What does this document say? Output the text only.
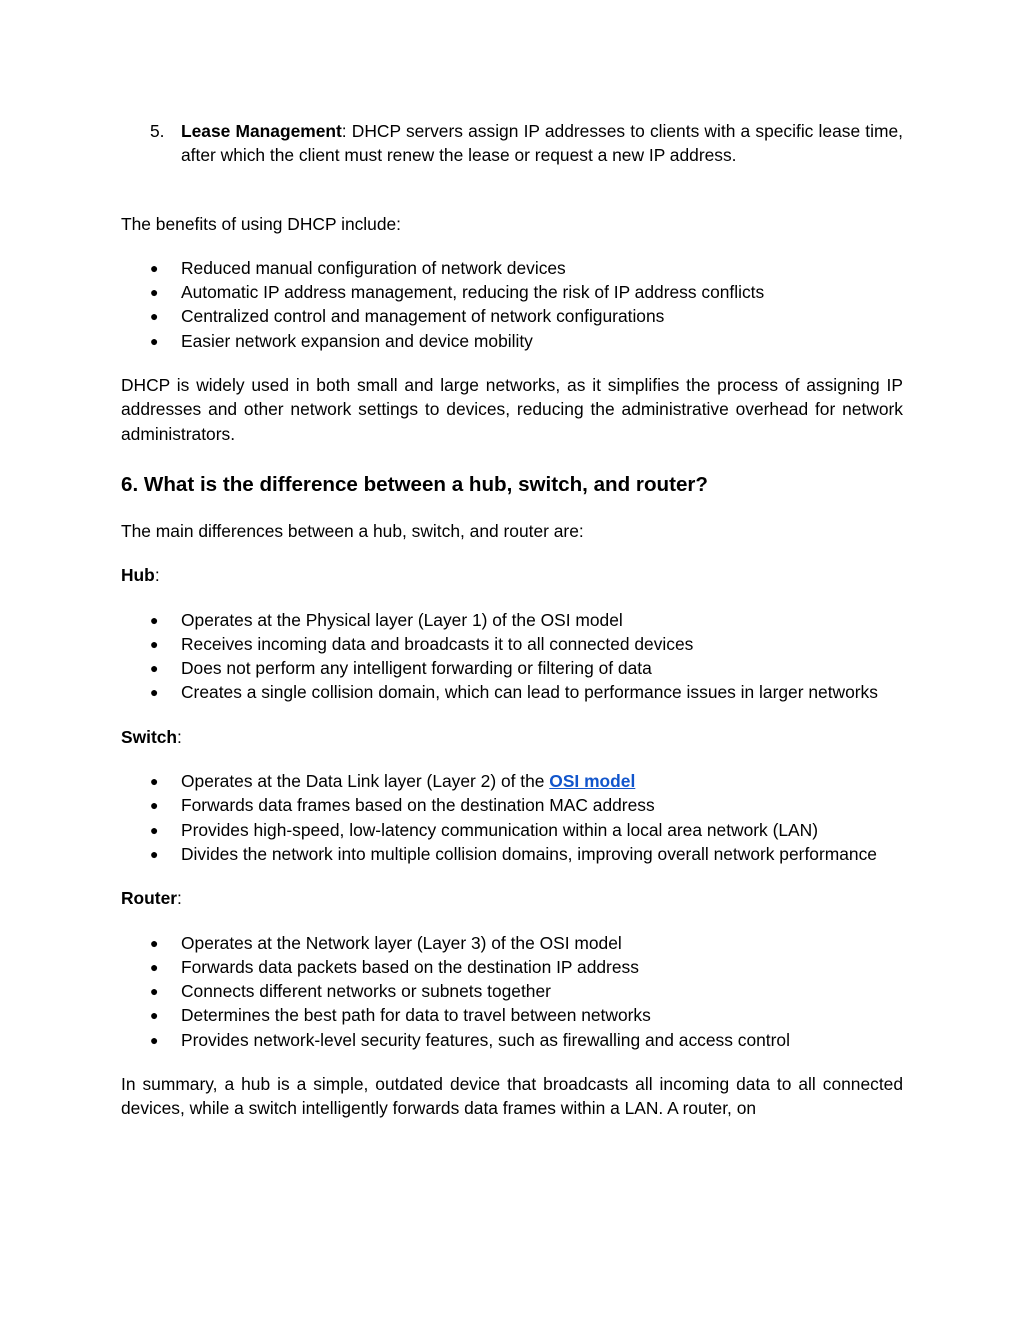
5. Lease Management: DHCP servers assign IP addresses to clients with a specific lease time, after which the client must renew the lease or request a new IP address.

The benefits of using DHCP include:

● Reduced manual configuration of network devices
● Automatic IP address management, reducing the risk of IP address conflicts
● Centralized control and management of network configurations
● Easier network expansion and device mobility

DHCP is widely used in both small and large networks, as it simplifies the process of assigning IP addresses and other network settings to devices, reducing the administrative overhead for network administrators.

6. What is the difference between a hub, switch, and router?

The main differences between a hub, switch, and router are:

Hub:

● Operates at the Physical layer (Layer 1) of the OSI model
● Receives incoming data and broadcasts it to all connected devices
● Does not perform any intelligent forwarding or filtering of data
● Creates a single collision domain, which can lead to performance issues in larger networks

Switch:

● Operates at the Data Link layer (Layer 2) of the OSI model
● Forwards data frames based on the destination MAC address
● Provides high-speed, low-latency communication within a local area network (LAN)
● Divides the network into multiple collision domains, improving overall network performance

Router:

● Operates at the Network layer (Layer 3) of the OSI model
● Forwards data packets based on the destination IP address
● Connects different networks or subnets together
● Determines the best path for data to travel between networks
● Provides network-level security features, such as firewalling and access control

In summary, a hub is a simple, outdated device that broadcasts all incoming data to all connected devices, while a switch intelligently forwards data frames within a LAN. A router, on
